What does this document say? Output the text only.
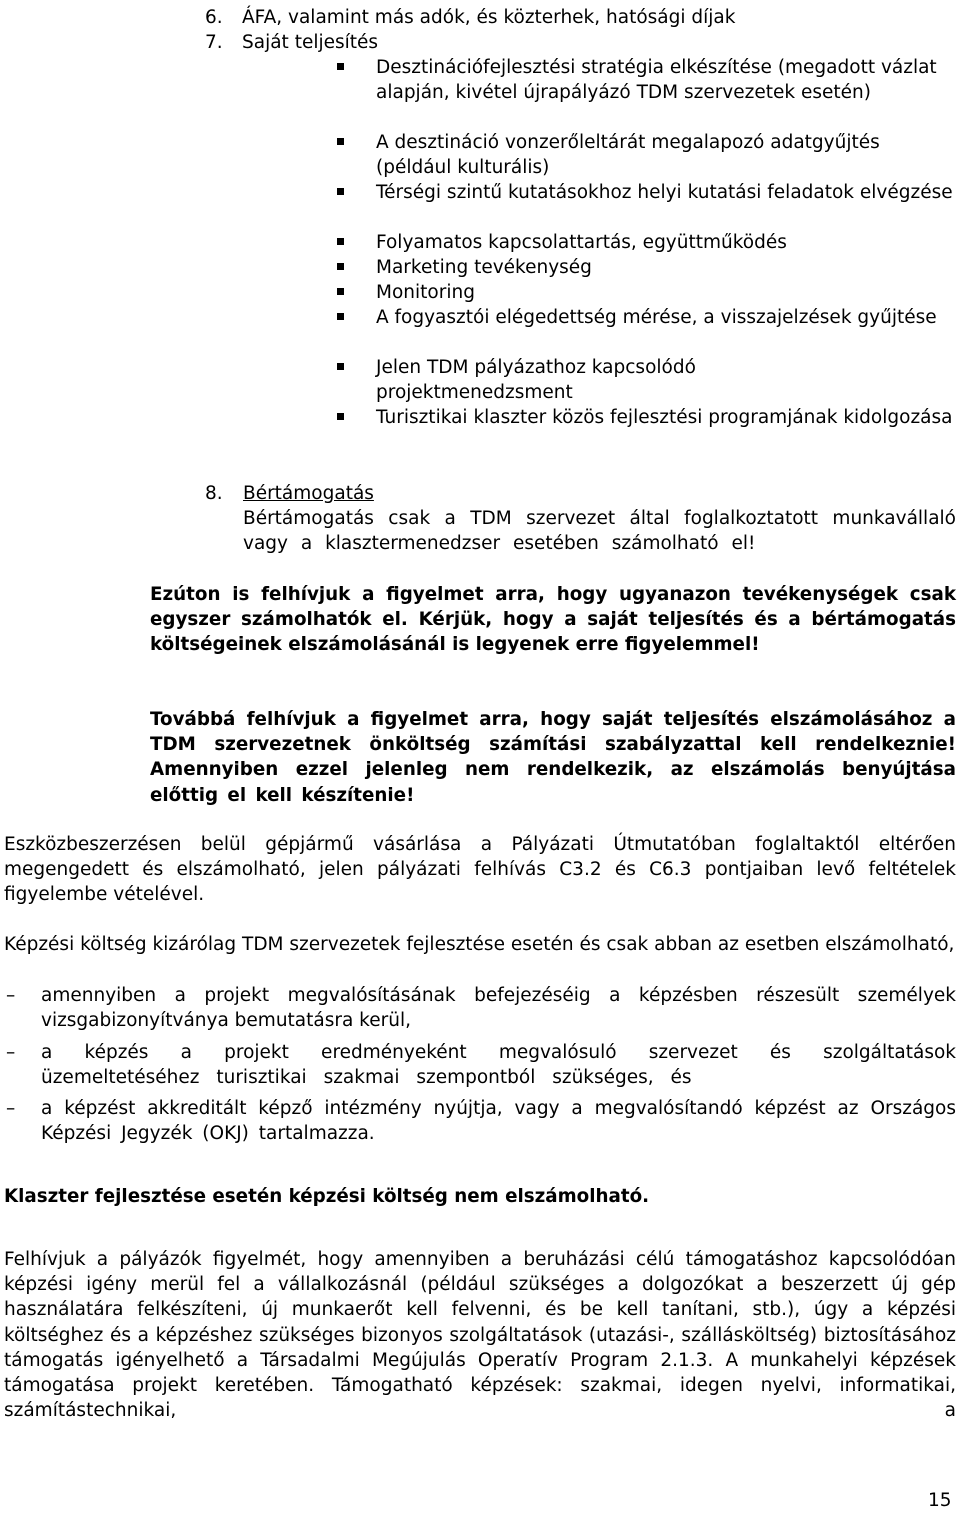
6. ÁFA, valamint más adók, és közterhek, hatósági díjak
7. Saját teljesítés
Desztinációfejlesztési stratégia elkészítése (megadott vázlat alapján, kivétel újrapályázó TDM szervezetek esetén)
A desztináció vonzerőleltárát megalapozó adatgyűjtés (például kulturális)
Térségi szintű kutatásokhoz helyi kutatási feladatok elvégzése
Folyamatos kapcsolattartás, együttműködés
Marketing tevékenység
Monitoring
A fogyasztói elégedettség mérése, a visszajelzések gyűjtése
Jelen TDM pályázathoz kapcsolódó projektmenedzsment
Turisztikai klaszter közös fejlesztési programjának kidolgozása
8. Bértámogatás
Bértámogatás csak a TDM szervezet által foglalkoztatott munkavállaló vagy a klasztermenedzser esetében számolható el!
Ezúton is felhívjuk a figyelmet arra, hogy ugyanazon tevékenységek csak egyszer számolhatók el. Kérjük, hogy a saját teljesítés és a bértámogatás költségeinek elszámolásánál is legyenek erre figyelemmel!
Továbbá felhívjuk a figyelmet arra, hogy saját teljesítés elszámolásához a TDM szervezetnek önköltség számítási szabályzattal kell rendelkeznie! Amennyiben ezzel jelenleg nem rendelkezik, az elszámolás benyújtása előttig el kell készítenie!
Eszközbeszerzésen belül gépjármű vásárlása a Pályázati Útmutatóban foglaltaktól eltérően megengedett és elszámolható, jelen pályázati felhívás C3.2 és C6.3 pontjaiban levő feltételek figyelembe vételével.
Képzési költség kizárólag TDM szervezetek fejlesztése esetén és csak abban az esetben elszámolható,
– amennyiben a projekt megvalósításának befejezéséig a képzésben részesült személyek vizsgabizonyítványa bemutatásra kerül,
– a képzés a projekt eredményeként megvalósuló szervezet és szolgáltatások üzemeltetéséhez turisztikai szakmai szempontból szükséges, és
– a képzést akkreditált képző intézmény nyújtja, vagy a megvalósítandó képzést az Országos Képzési Jegyzék (OKJ) tartalmazza.
Klaszter fejlesztése esetén képzési költség nem elszámolható.
Felhívjuk a pályázók figyelmét, hogy amennyiben a beruházási célú támogatáshoz kapcsolódóan képzési igény merül fel a vállalkozásnál (például szükséges a dolgozókat a beszerzett új gép használatára felkészíteni, új munkaerőt kell felvenni, és be kell tanítani, stb.), úgy a képzési költséghez és a képzéshez szükséges bizonyos szolgáltatások (utazási-, szállásköltség) biztosításához támogatás igényelhető a Társadalmi Megújulás Operatív Program 2.1.3. A munkahelyi képzések támogatása projekt keretében. Támogatható képzések: szakmai, idegen nyelvi, informatikai, számítástechnikai, a
15
